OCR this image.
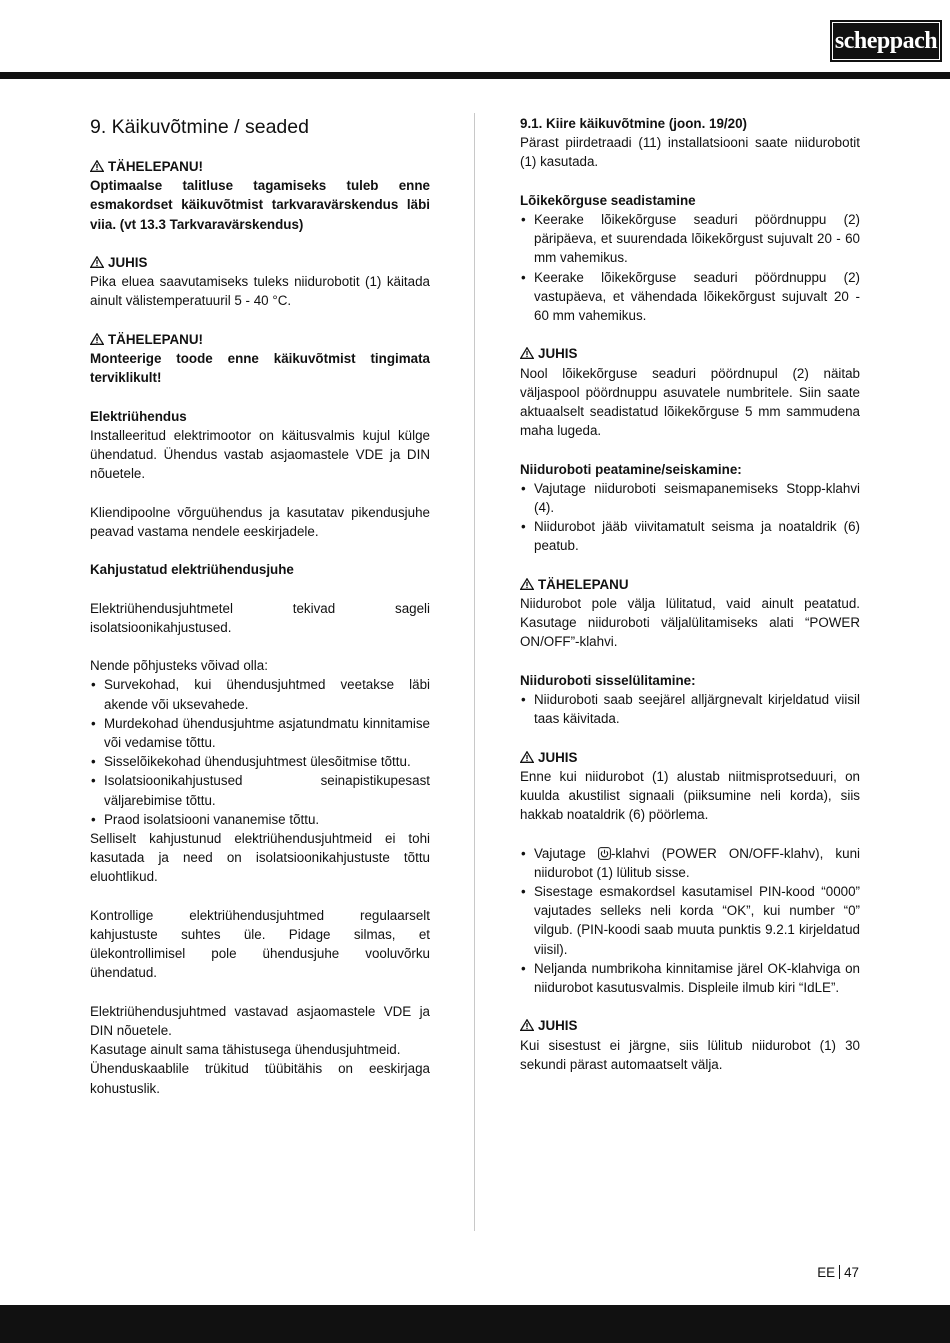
scheppach
9. Käikuvõtmine / seaded

TÄHELEPANU!

Optimaalse talitluse tagamiseks tuleb enne esmakordset käikuvõtmist tarkvaravärskendus läbi viia. (vt 13.3 Tarkvaravärskendus)

JUHIS

Pika eluea saavutamiseks tuleks niidurobotit (1) käitada ainult välistemperatuuril 5 - 40 °C.

TÄHELEPANU!

Monteerige toode enne käikuvõtmist tingimata terviklikult!

Elektriühendus

Installeeritud elektrimootor on käitusvalmis kujul külge ühendatud. Ühendus vastab asjaomastele VDE ja DIN nõuetele.

Kliendipoolne võrguühendus ja kasutatav pikendusjuhe peavad vastama nendele eeskirjadele.

Kahjustatud elektriühendusjuhe

Elektriühendusjuhtmetel tekivad sageli isolatsioonikahjustused.

Nende põhjusteks võivad olla:

• Survekohad, kui ühendusjuhtmed veetakse läbi akende või uksevahede.
• Murdekohad ühendusjuhtme asjatundmatu kinnitamise või vedamise tõttu.
• Sisselõikekohad ühendusjuhtmest ülesõitmise tõttu.
• Isolatsioonikahjustused seinapistikupesast väljarebimise tõttu.
• Praod isolatsiooni vananemise tõttu.

Selliselt kahjustunud elektriühendusjuhtmeid ei tohi kasutada ja need on isolatsioonikahjustuste tõttu eluohtlikud.

Kontrollige elektriühendusjuhtmed regulaarselt kahjustuste suhtes üle. Pidage silmas, et ülekontrollimisel pole ühendusjuhe vooluvõrku ühendatud.

Elektriühendusjuhtmed vastavad asjaomastele VDE ja DIN nõuetele.

Kasutage ainult sama tähistusega ühendusjuhtmeid.

Ühenduskaablile trükitud tüübitähis on eeskirjaga kohustuslik.

9.1. Kiire käikuvõtmine (joon. 19/20)

Pärast piirdetraadi (11) installatsiooni saate niidurobotit (1) kasutada.

Lõikekõrguse seadistamine

• Keerake lõikekõrguse seaduri pöördnuppu (2) päripäeva, et suurendada lõikekõrgust sujuvalt 20 - 60 mm vahemikus.
• Keerake lõikekõrguse seaduri pöördnuppu (2) vastupäeva, et vähendada lõikekõrgust sujuvalt 20 - 60 mm vahemikus.

JUHIS

Nool lõikekõrguse seaduri pöördnupul (2) näitab väljaspool pöördnuppu asuvatele numbritele. Siin saate aktuaalselt seadistatud lõikekõrguse 5 mm sammudena maha lugeda.

Niiduroboti peatamine/seiskamine:

• Vajutage niiduroboti seismapanemiseks Stopp-klahvi (4).
• Niidurobot jääb viivitamatult seisma ja noataldrik (6) peatub.

TÄHELEPANU

Niidurobot pole välja lülitatud, vaid ainult peatatud. Kasutage niiduroboti väljalülitamiseks alati “POWER ON/OFF”-klahvi.

Niiduroboti sisselülitamine:

• Niiduroboti saab seejärel alljärgnevalt kirjeldatud viisil taas käivitada.

JUHIS

Enne kui niidurobot (1) alustab niitmisprotseduuri, on kuulda akustilist signaali (piiksumine neli korda), siis hakkab noataldrik (6) pöörlema.

• Vajutage -klahvi (POWER ON/OFF-klahv), kuni niidurobot (1) lülitub sisse.
• Sisestage esmakordsel kasutamisel PIN-kood “0000” vajutades selleks neli korda “OK”, kui number “0” vilgub. (PIN-koodi saab muuta punktis 9.2.1 kirjeldatud viisil).
• Neljanda numbrikoha kinnitamise järel OK-klahviga on niidurobot kasutusvalmis. Displeile ilmub kiri “IdLE”.

JUHIS

Kui sisestust ei järgne, siis lülitub niidurobot (1) 30 sekundi pärast automaatselt välja.

EE 47
